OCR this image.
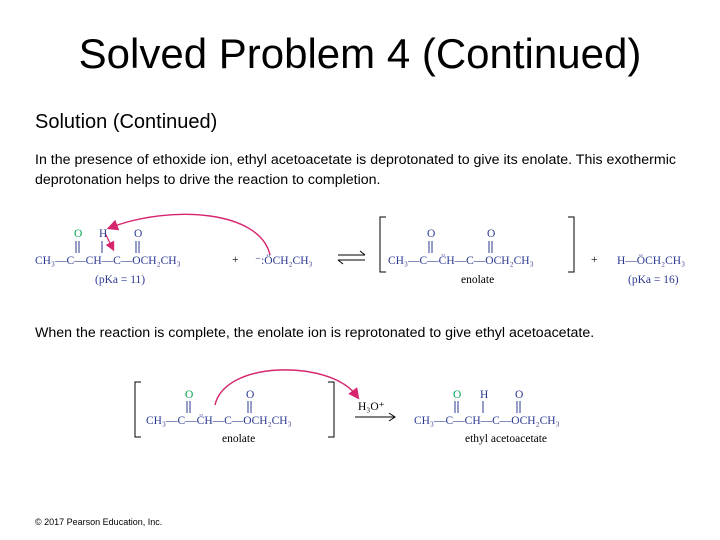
Solved Problem 4 (Continued)
Solution (Continued)
In the presence of ethoxide ion, ethyl acetoacetate is deprotonated to give its enolate. This exothermic deprotonation helps to drive the reaction to completion.
O H O
CH₃—C—CH—C—OCH₂CH₃
(pKa = 11)
+ ⁻:ÖCH₂CH₃
O	O
CH₃—C—C̈H—C—OCH₂CH₃
enolate
+ H—ÖCH₂CH₃
(pKa = 16)
When the reaction is complete, the enolate ion is reprotonated to give ethyl acetoacetate.
O	O
CH₃—C—C̈H—C—OCH₂CH₃
enolate
H₃O⁺
O H O
CH₃—C—CH—C—OCH₂CH₃
ethyl acetoacetate
© 2017 Pearson Education, Inc.
